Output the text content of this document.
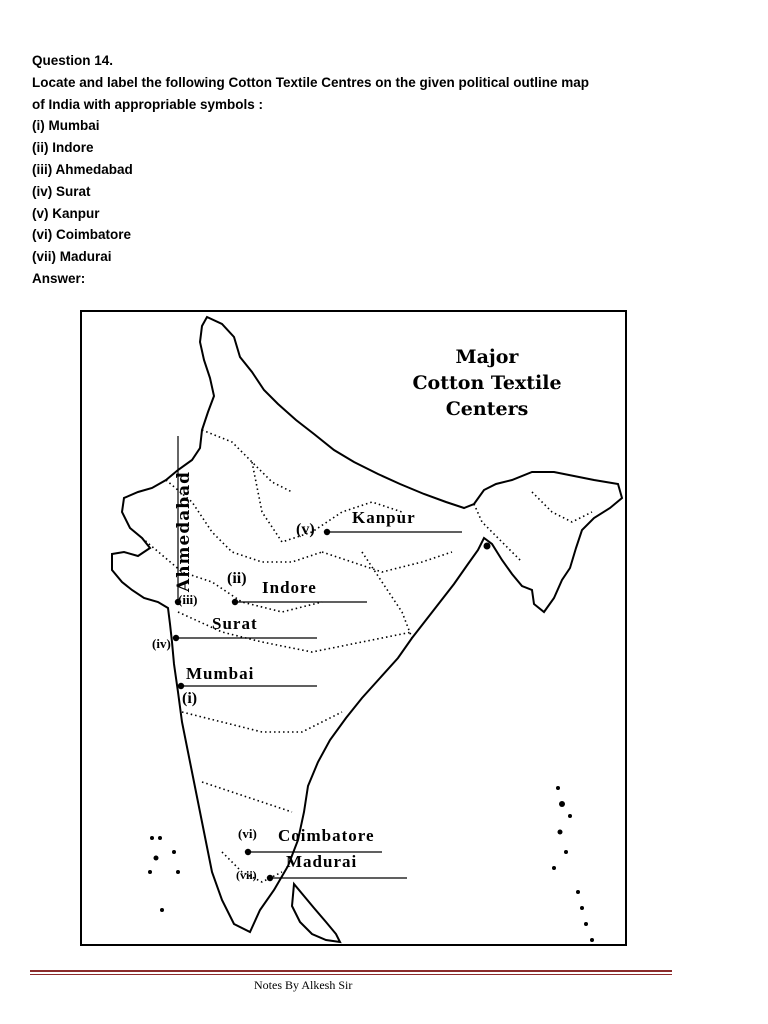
Question 14.
Locate and label the following Cotton Textile Centres on the given political outline map
of India with appropriable symbols :
(i) Mumbai
(ii) Indore
(iii) Ahmedabad
(iv) Surat
(v) Kanpur
(vi) Coimbatore
(vii) Madurai
Answer:
Major
Cotton Textile
Centers
Ahmedabad	(v)
Kanpur
(ii) Indore
(iii)
Surat
(iv)
Mumbai
(i)
(vi) Coimbatore
(vii)
Madurai
Notes By Alkesh Sir
